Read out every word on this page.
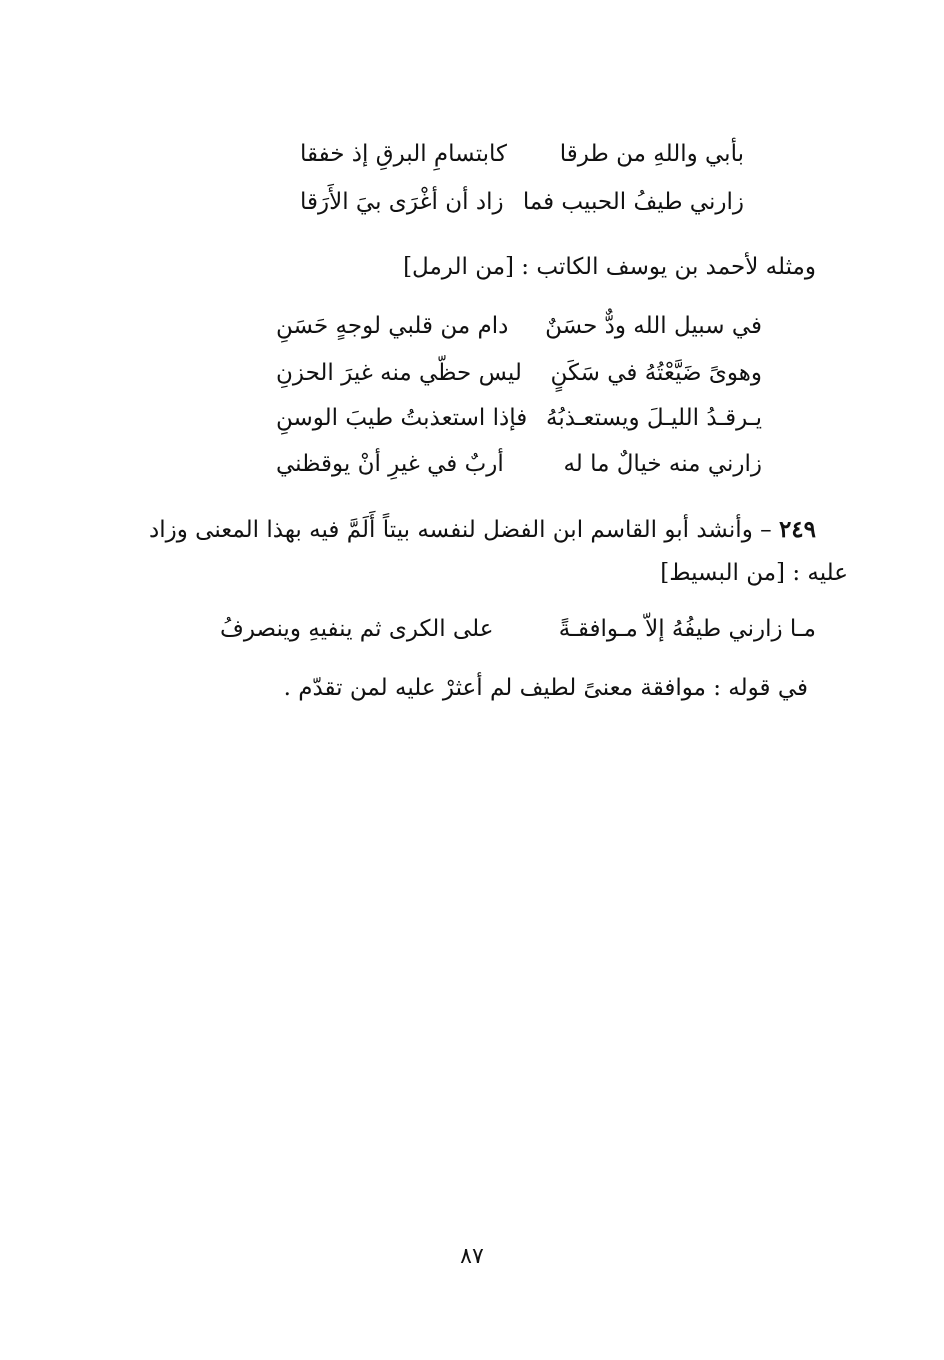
بأبي واللهِ من طرقا
كابتسامِ البرقِ إذ خفقا
زارني طيفُ الحبيب فما
زاد أن أغْرَى بيَ الأَرَقا
ومثله لأحمد بن يوسف الكاتب : [من الرمل]
في سبيل الله ودٌّ حسَنٌ
دام من قلبي لوجهٍ حَسَنِ
وهوىً ضَيَّعْتُهُ في سَكَنٍ
ليس حظّي منه غيرَ الحزنِ
يـرقـدُ الليـلَ ويستعـذبُهُ
فإذا استعذبتُ طيبَ الوسنِ
زارني منه خيالٌ ما له
أربٌ في غيرِ أنْ يوقظني
٢٤٩ – وأنشد أبو القاسم ابن الفضل لنفسه بيتاً أَلَمَّ فيه بهذا المعنى وزاد
عليه : [من البسيط]
مـا زارني طيفُهُ إلاّ مـوافقـةً
على الكرى ثم ينفيهِ وينصرفُ
في قوله : موافقة معنىً لطيف لم أعثرْ عليه لمن تقدّم .
٨٧
